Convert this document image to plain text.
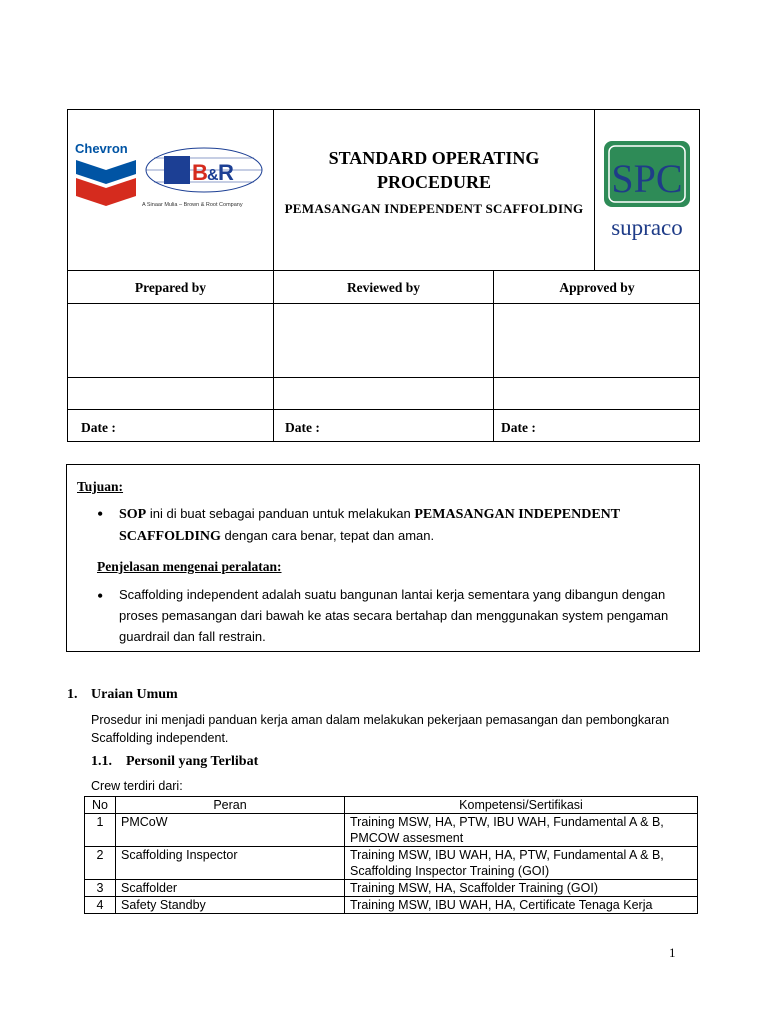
Chevron
B & R
A Sinaar Mulia – Brown & Root Company
STANDARD OPERATING PROCEDURE
PEMASANGAN INDEPENDENT SCAFFOLDING
SPC
supraco
Prepared by	Reviewed by	Approved by
Date :	Date :	Date :
Tujuan:
• SOP ini di buat sebagai panduan untuk melakukan PEMASANGAN INDEPENDENT SCAFFOLDING dengan cara benar, tepat dan aman.
Penjelasan mengenai peralatan:
• Scaffolding independent adalah suatu bangunan lantai kerja sementara yang dibangun dengan proses pemasangan dari bawah ke atas secara bertahap dan menggunakan system pengaman guardrail dan fall restrain.
1. Uraian Umum
Prosedur ini menjadi panduan kerja aman dalam melakukan pekerjaan pemasangan dan pembongkaran Scaffolding independent.
1.1. Personil yang Terlibat
Crew terdiri dari:
No	Peran	Kompetensi/Sertifikasi
1	PMCoW	Training MSW, HA, PTW, IBU WAH, Fundamental A & B, PMCOW assesment
2	Scaffolding Inspector	Training MSW, IBU WAH, HA, PTW, Fundamental A & B, Scaffolding Inspector Training (GOI)
3	Scaffolder	Training MSW, HA, Scaffolder Training (GOI)
4	Safety Standby	Training MSW, IBU WAH, HA, Certificate Tenaga Kerja
1
